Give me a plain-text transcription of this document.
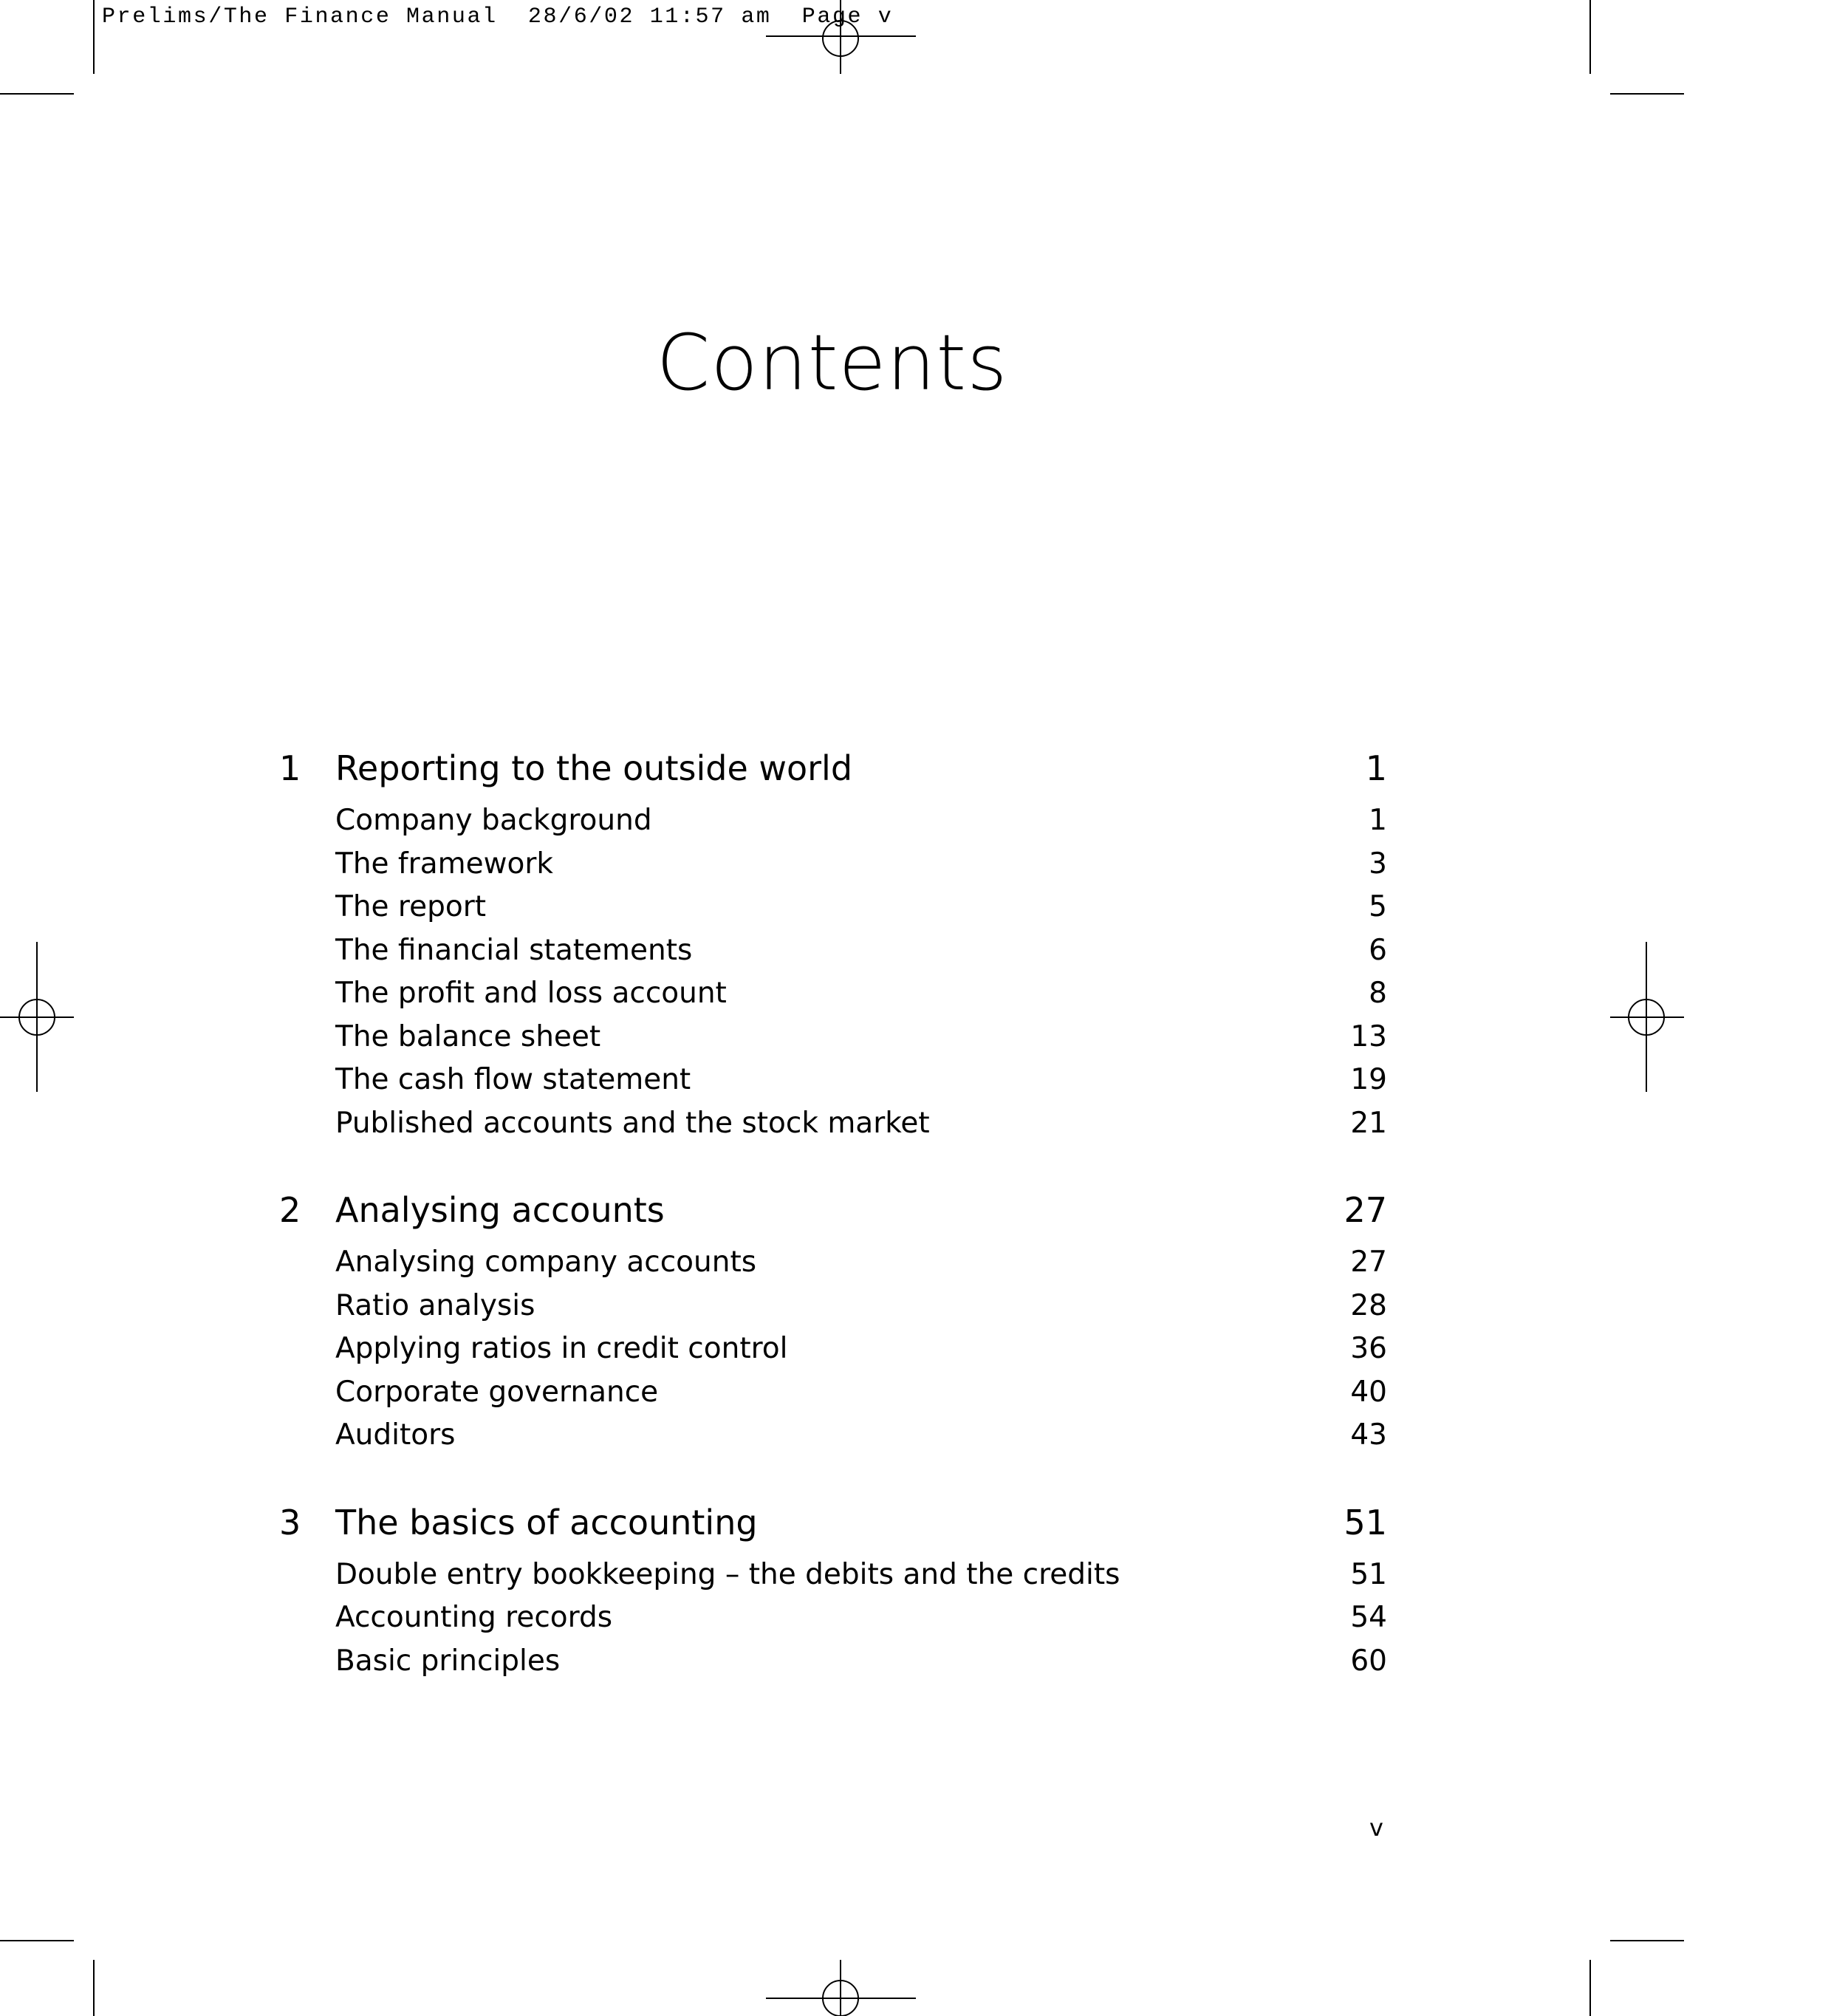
Prelims/The Finance Manual  28/6/02 11:57 am  Page v
Contents
1 Reporting to the outside world	1
Company background	1
The framework	3
The report	5
The financial statements	6
The profit and loss account	8
The balance sheet	13
The cash flow statement	19
Published accounts and the stock market	21
2 Analysing accounts	27
Analysing company accounts	27
Ratio analysis	28
Applying ratios in credit control	36
Corporate governance	40
Auditors	43
3 The basics of accounting	51
Double entry bookkeeping – the debits and the credits	51
Accounting records	54
Basic principles	60
v
